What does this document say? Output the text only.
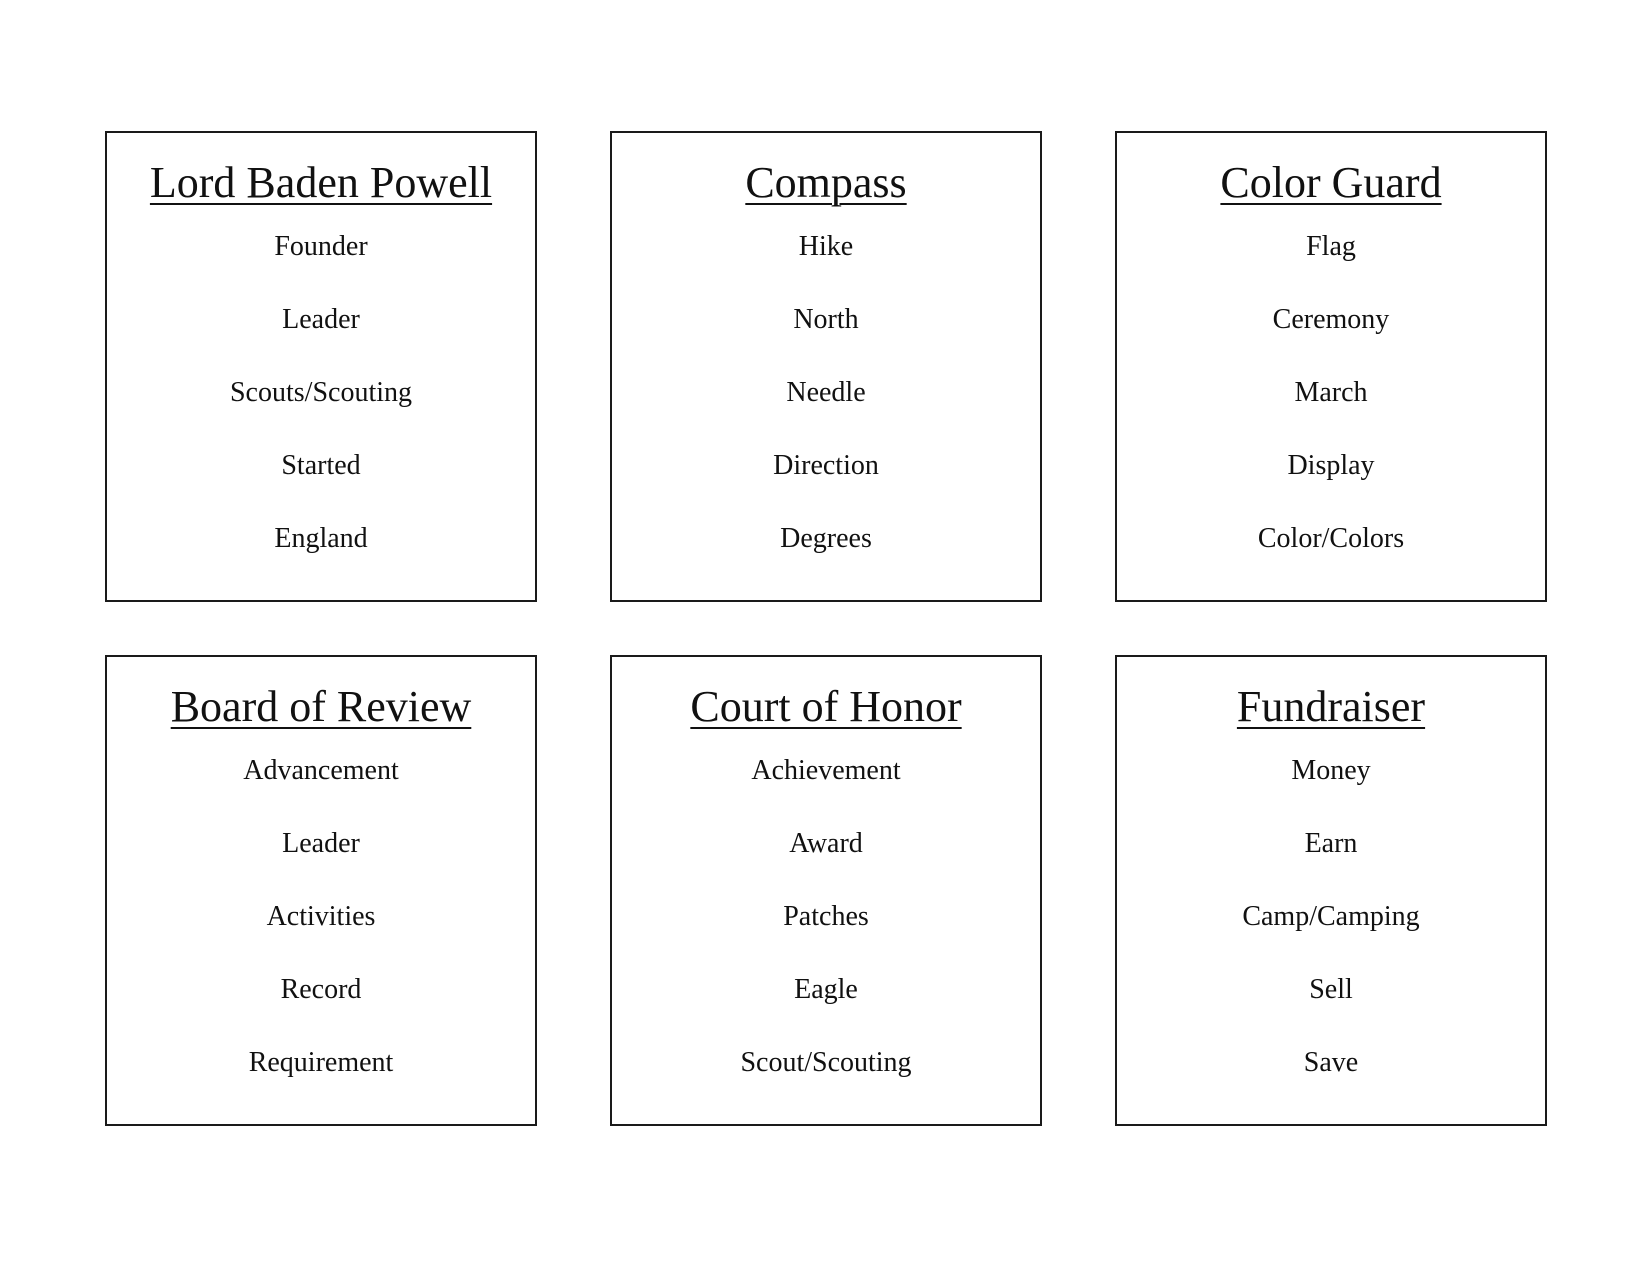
Lord Baden Powell
Founder
Leader
Scouts/Scouting
Started
England
Compass
Hike
North
Needle
Direction
Degrees
Color Guard
Flag
Ceremony
March
Display
Color/Colors
Board of Review
Advancement
Leader
Activities
Record
Requirement
Court of Honor
Achievement
Award
Patches
Eagle
Scout/Scouting
Fundraiser
Money
Earn
Camp/Camping
Sell
Save
